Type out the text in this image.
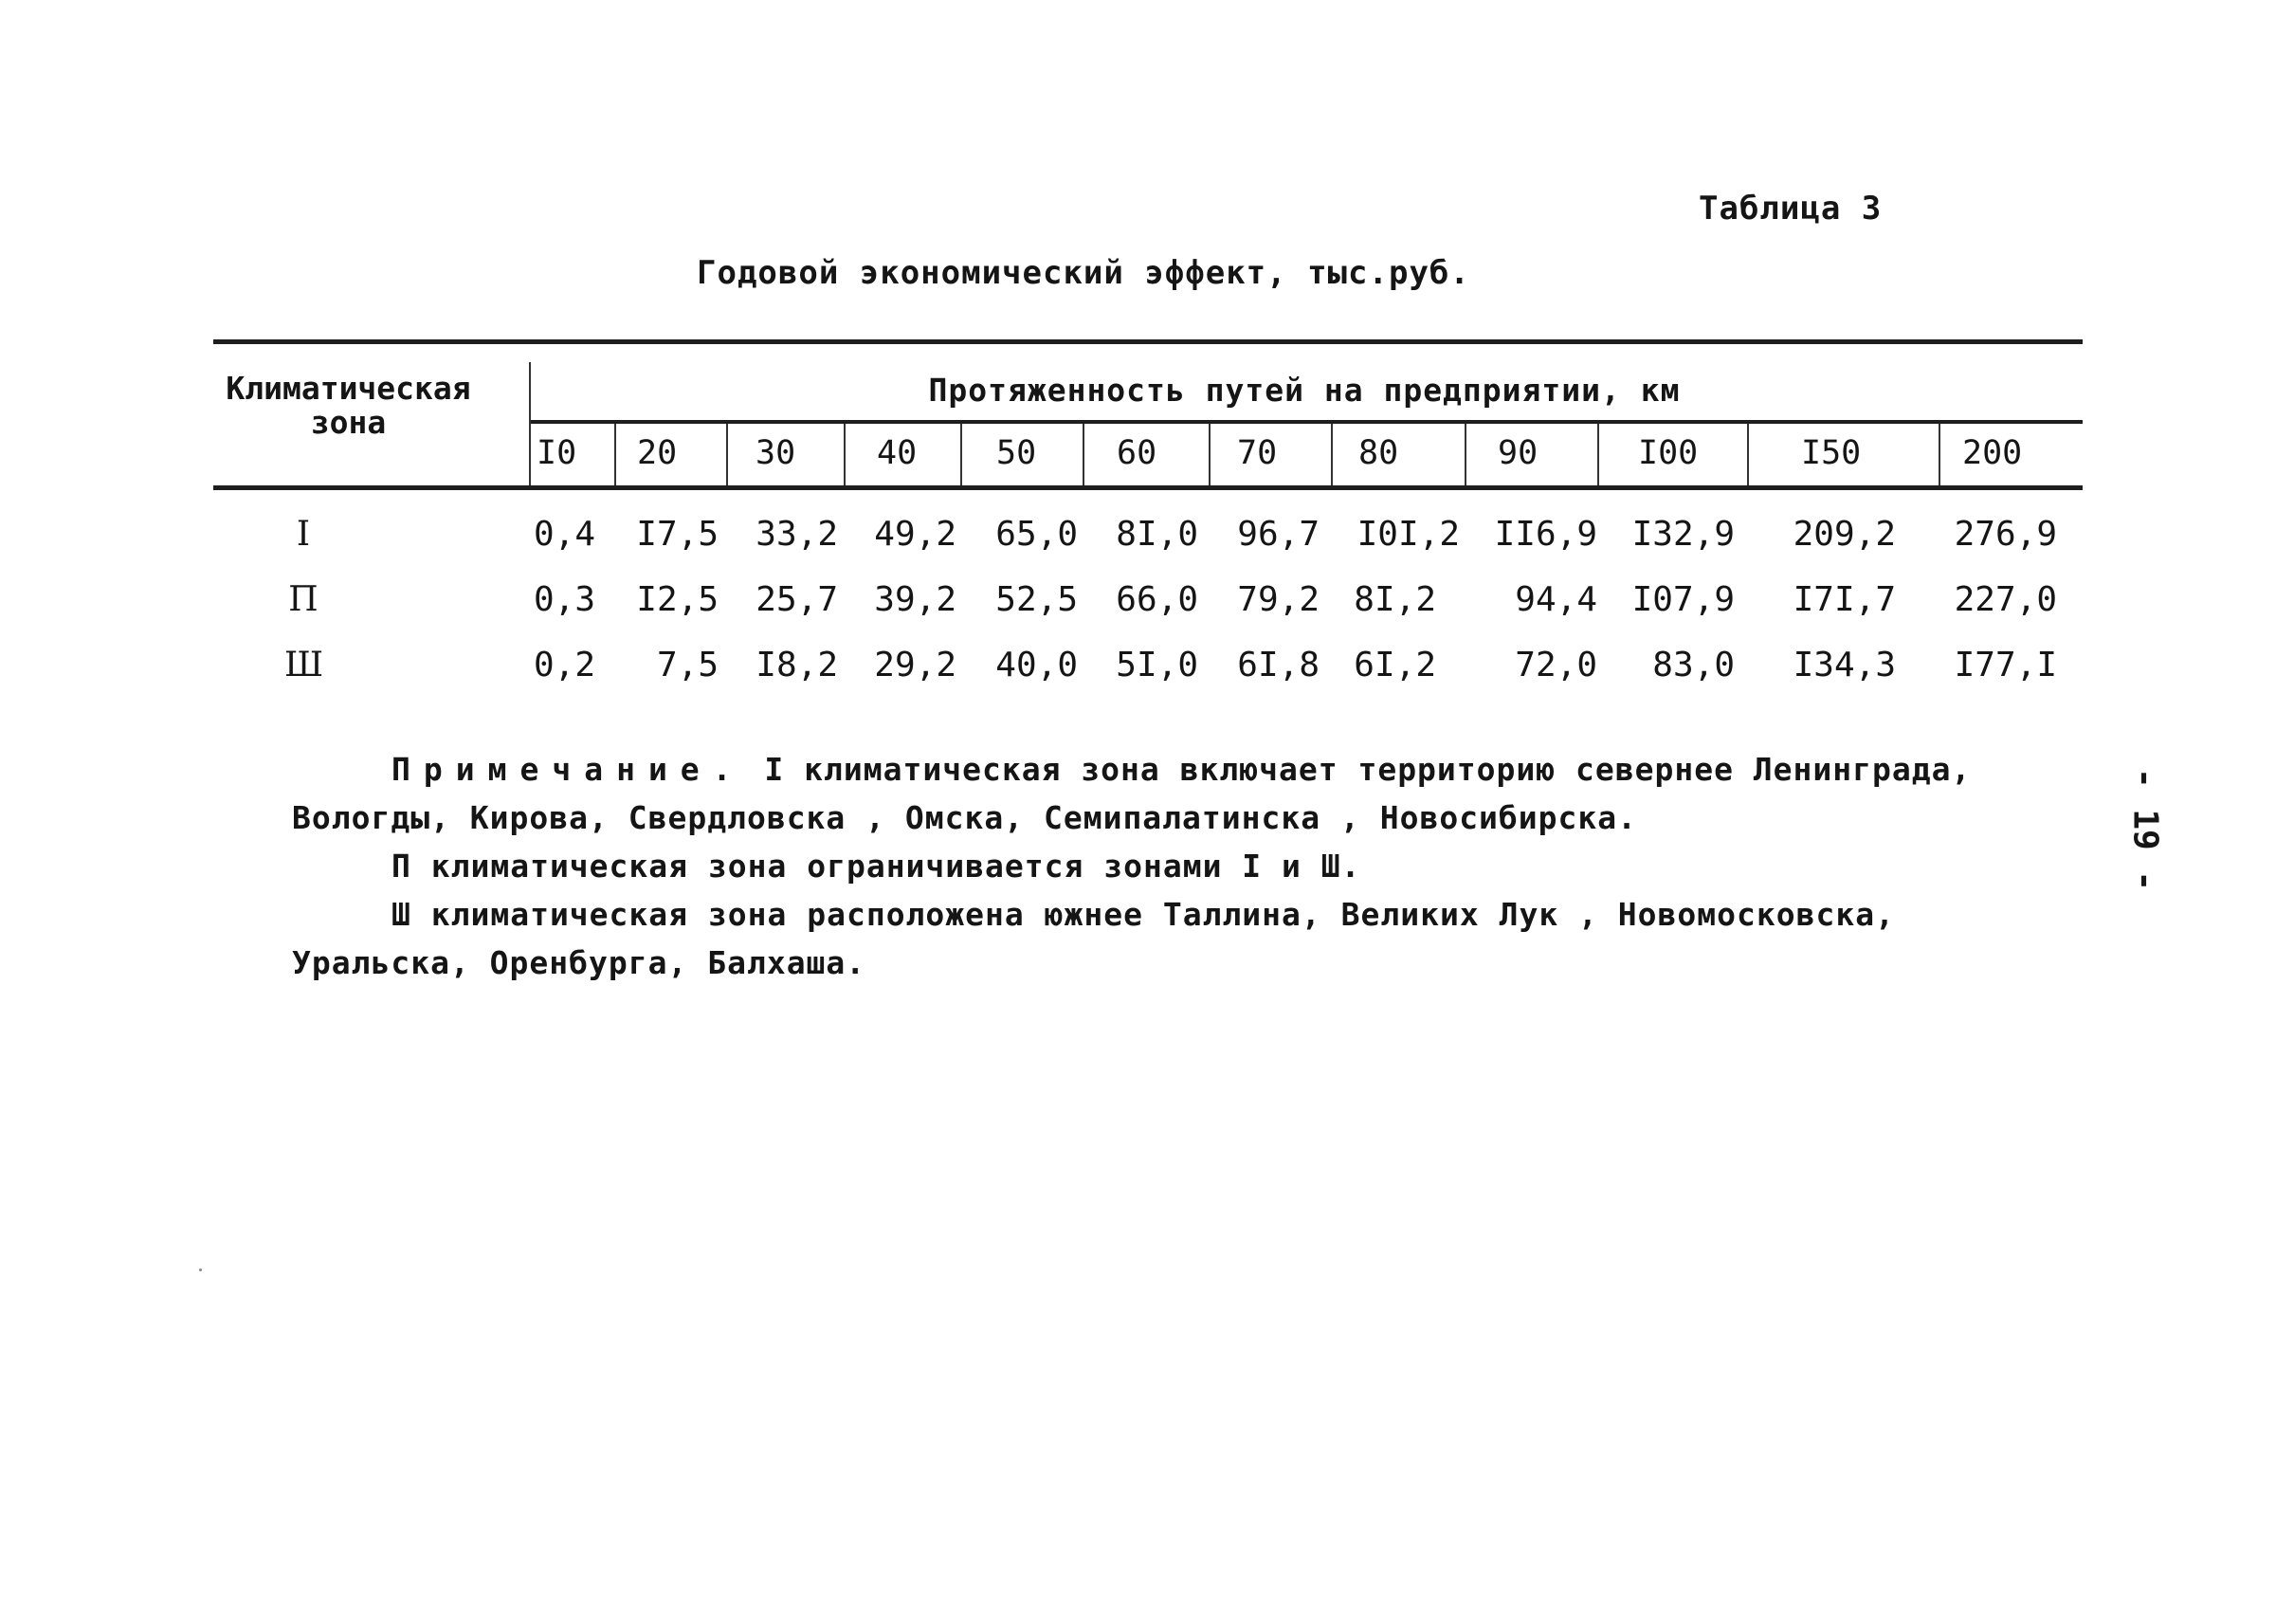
Таблица 3
Годовой экономический эффект, тыс.руб.
Климатическая
зона
Протяженность путей на предприятии, км
I0 20 30 40 50 60 70 80	90	I00	I50	200
I	0,4	I7,5	33,2	49,2	65,0	8I,0	96,7	I0I,2	II6,9	I32,9	209,2	276,9
П	0,3	I2,5	25,7	39,2	52,5	66,0	79,2	8I,2	94,4	I07,9	I7I,7	227,0
Ш	0,2	7,5	I8,2	29,2	40,0	5I,0	6I,8	6I,2	72,0	83,0	I34,3	I77,I
Примечание. I климатическая зона включает территорию севернее Ленинграда,
Вологды, Кирова, Свердловска , Омска, Семипалатинска , Новосибирска.
П климатическая зона ограничивается зонами I и Ш.
Ш климатическая зона расположена южнее Таллина, Великих Лук , Новомосковска,
Уральска, Оренбурга, Балхаша.
- 19 -
